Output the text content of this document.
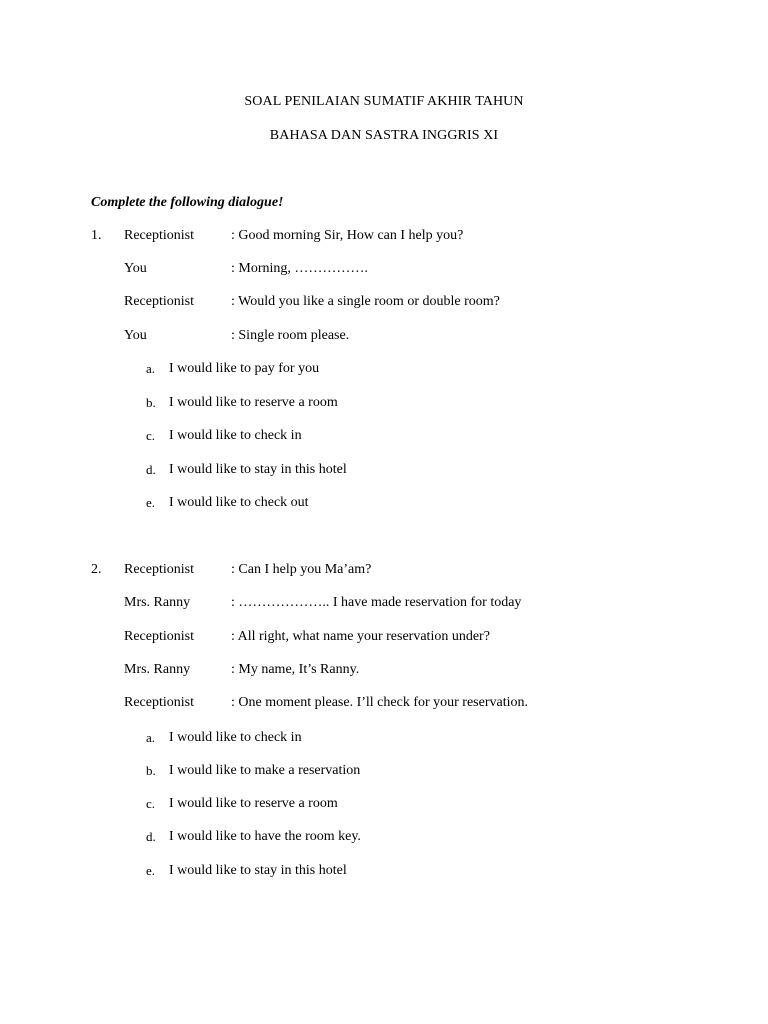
SOAL PENILAIAN SUMATIF AKHIR TAHUN
BAHASA DAN SASTRA INGGRIS XI
Complete the following dialogue!
1. Receptionist	: Good morning Sir, How can I help you?
You	: Morning, …………….
Receptionist	: Would you like a single room or double room?
You	: Single room please.
a. I would like to pay for you
b. I would like to reserve a room
c. I would like to check in
d. I would like to stay in this hotel
e. I would like to check out
2. Receptionist	: Can I help you Ma’am?
Mrs. Ranny	: ……………….. I have made reservation for today
Receptionist	: All right, what name your reservation under?
Mrs. Ranny	: My name, It’s Ranny.
Receptionist	: One moment please. I’ll check for your reservation.
a. I would like to check in
b. I would like to make a reservation
c. I would like to reserve a room
d. I would like to have the room key.
e. I would like to stay in this hotel
